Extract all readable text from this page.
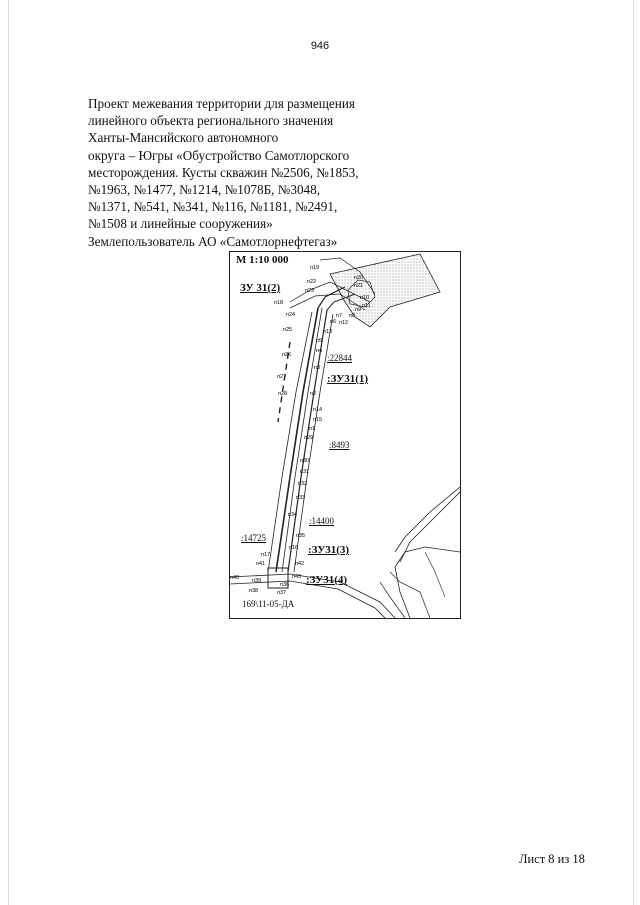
946
Проект межевания территории для размещения
линейного объекта регионального значения
Ханты-Мансийского автономного
округа – Югры «Обустройство Самотлорского
месторождения. Кусты скважин №2506, №1853,
№1963, №1477, №1214, №1078Б, №3048,
№1371, №541, №341, №116, №1181, №2491,
№1508 и линейные сооружения»
Землепользователь АО «Самотлорнефтегаз»
М 1:10 000
ЗУ 31(2)
:ЗУ31(1)
:ЗУ31(3)
:ЗУ31(4)
:22844
:8493
:14400
:14725
п19
п20
п21
п22
п23
п10
п9
п11
п18
п24	п7 п8
п6 п12
п13
п25
п5
п4
п3
п26
п27
п28	п2
п14
п15
п1
п29
п30
п31
п32
п33
п34
п35
п16
п17
п42
п41
п40 п39
п43
п36
п37
п38
169\11-05-ДА
Лист 8 из 18
